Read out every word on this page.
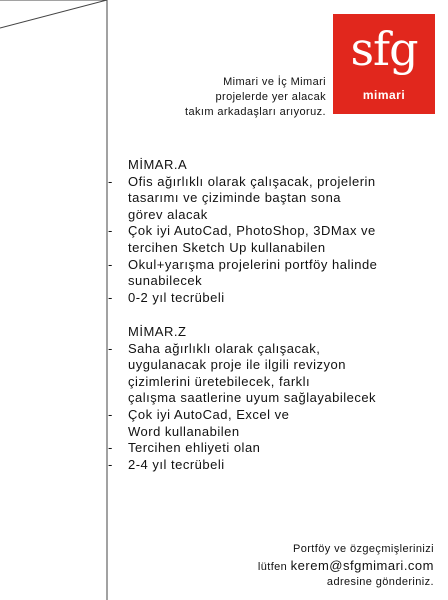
sfg
mimari
Mimari ve İç Mimari
projelerde yer alacak
takım arkadaşları arıyoruz.
MİMAR.A
- Ofis ağırlıklı olarak çalışacak, projelerin
tasarımı ve çiziminde baştan sona
görev alacak
- Çok iyi AutoCad, PhotoShop, 3DMax ve
tercihen Sketch Up kullanabilen
- Okul+yarışma projelerini portföy halinde
sunabilecek
- 0-2 yıl tecrübeli
MİMAR.Z
- Saha ağırlıklı olarak çalışacak,
uygulanacak proje ile ilgili revizyon
çizimlerini üretebilecek, farklı
çalışma saatlerine uyum sağlayabilecek
- Çok iyi AutoCad, Excel ve
Word kullanabilen
- Tercihen ehliyeti olan
- 2-4 yıl tecrübeli
Portföy ve özgeçmişlerinizi
lütfen kerem@sfgmimari.com
adresine gönderiniz.
